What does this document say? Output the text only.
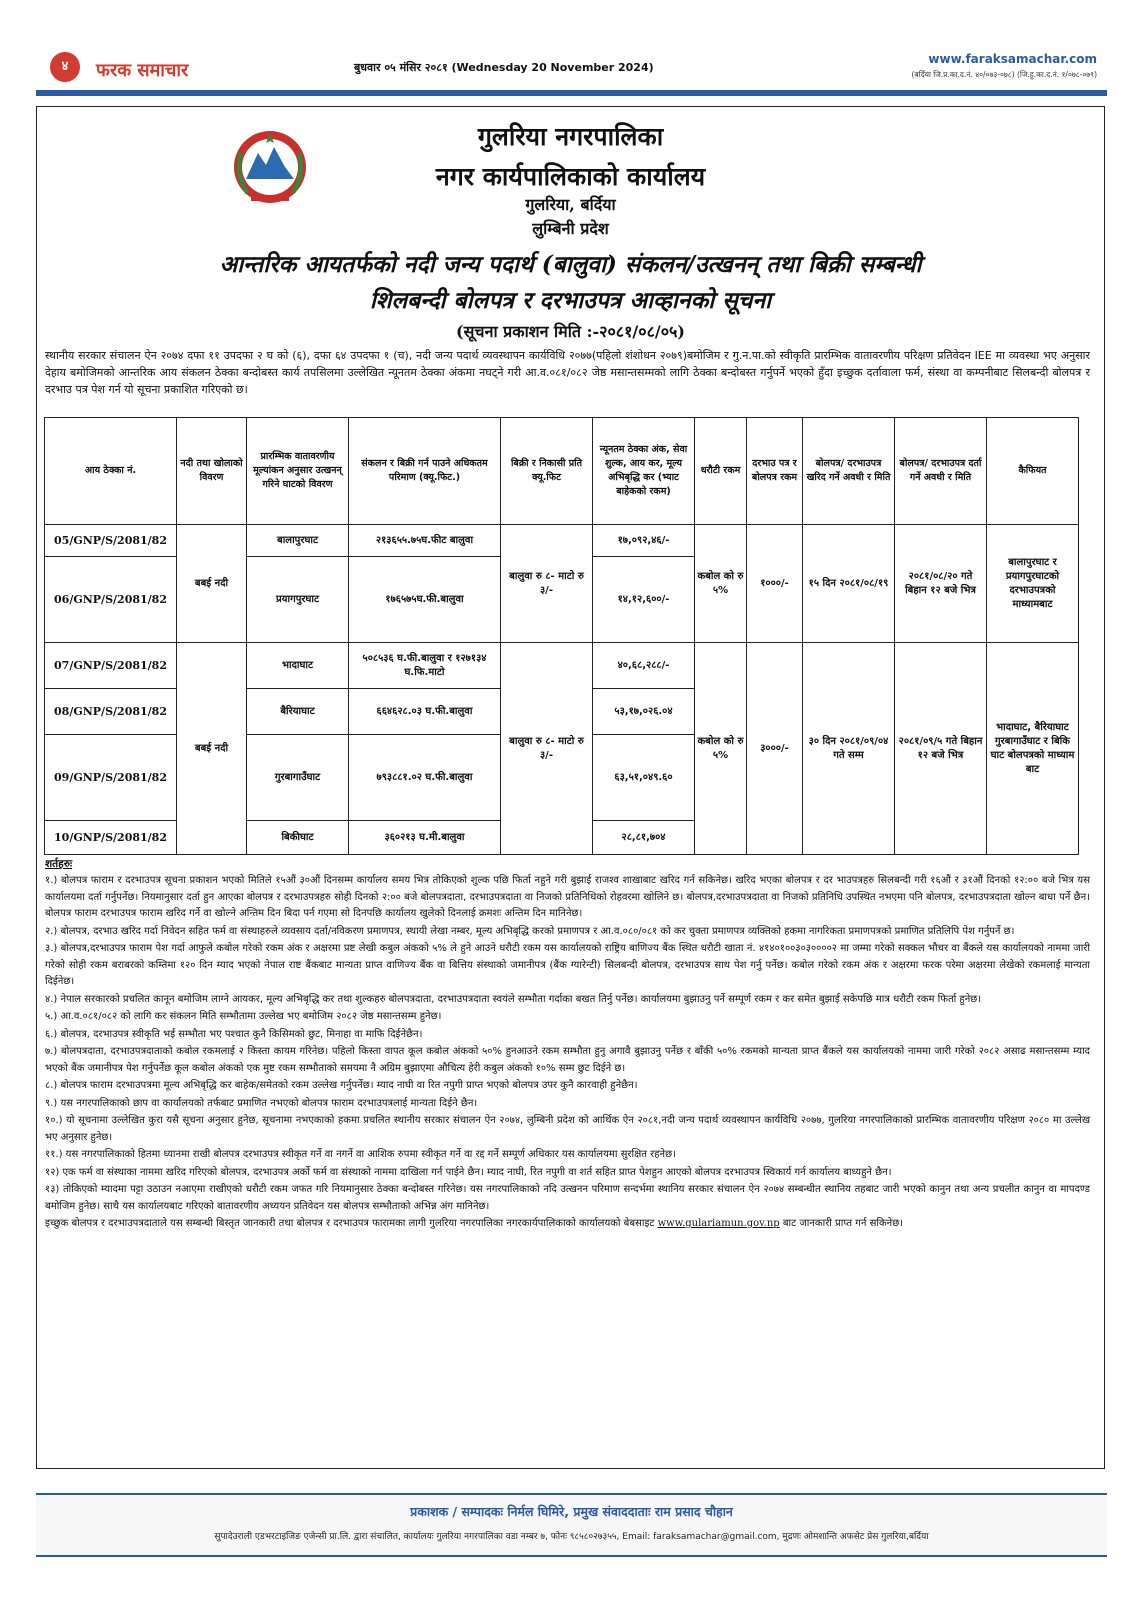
४	फरक समाचार	बुधवार ०५ मंसिर २०८१ (Wednesday 20 November 2024)
www.faraksamachar.com
(बर्दिया जि.प्र.का.द.नं. ४०/०७३-०७८) (जि.हु.का.द.नं. १/०७८-०७९)
गुलरिया नगरपालिका
नगर कार्यपालिकाको कार्यालय
गुलरिया, बर्दिया
लुम्बिनी प्रदेश
आन्तरिक आयतर्फको नदी जन्य पदार्थ (बालुवा) संकलन/उत्खनन् तथा बिक्री सम्बन्धी
शिलबन्दी बोलपत्र र दरभाउपत्र आव्हानको सूचना
(सूचना प्रकाशन मिति :-२०८१/०८/०५)
स्थानीय सरकार संचालन ऐन २०७४ दफा ११ उपदफा २ घ को (६), दफा ६४ उपदफा १ (च), नदी जन्य पदार्थ व्यवस्थापन कार्यविधि २०७७(पहिलो शंशोधन २०७९)बमोजिम र गु.न.पा.को स्वीकृति प्रारम्भिक वातावरणीय परिक्षण प्रतिवेदन IEE मा व्यवस्था भए अनुसार देहाय बमोजिमको आन्तरिक आय संकलन ठेक्का बन्दोबस्त कार्य तपसिलमा उल्लेखित न्यूनतम ठेक्का अंकमा नघट्ने गरी आ.व.०८१/०८२ जेष्ठ मसान्तसम्मको लागि ठेक्का बन्दोबस्त गर्नुपर्ने भएको हुँदा इच्छुक दर्तावाला फर्म, संस्था वा कम्पनीबाट सिलबन्दी बोलपत्र र दरभाउ पत्र पेश गर्न यो सूचना प्रकाशित गरिएको छ।
आय ठेक्का नं.	नदी तथा खोलाको विवरण	प्रारम्भिक वातावरणीय मूल्यांकन अनुसार उत्खनन् गरिने घाटको विवरण	संकलन र बिक्री गर्न पाउने अधिकतम परिमाण (क्यू.फिट.)	बिक्री र निकासी प्रति क्यू.फिट	न्यूनतम ठेक्का अंक, सेवा शुल्क, आय कर, मूल्य अभिबृद्धि कर (भ्याट बाहेकको रकम)	धरौटी रकम	दरभाउ पत्र र बोलपत्र रकम	बोलपत्र/ दरभाउपत्र खरिद गर्ने अवधी र मिति	बोलपत्र/ दरभाउपत्र दर्ता गर्ने अवधी र मिति	कैफियत
05/GNP/S/2081/82	बबई नदी	बालापुरघाट	२१३६५५.७५घ.फीट बालुवा	बालुवा रु ८- माटो रु ३/-	१७,०९२,४६/-	कबोल को रु ५%	१०००/-	१५ दिन २०८१/०८/१९	२०८१/०८/२० गते बिहान १२ बजे भित्र	बालापुरघाट र प्रयागपुरघाटको दरभाउपत्रको माध्यामबाट
06/GNP/S/2081/82		प्रयागपुरघाट	१७६५७५घ.फी.बालुवा		१४,१२,६००/-					
07/GNP/S/2081/82	बबई नदी	भादाघाट	५०८५३६ घ.फी.बालुवा र १२७१३४ घ.फि.माटो	बालुवा रु ८- माटो रु ३/-	४०,६८,२८८/-	कबोल को रु ५%	३०००/-	३० दिन २०८१/०९/०४ गते सम्म	२०८१/०९/५ गते बिहान १२ बजे भित्र	भादाघाट, बैरियाघाट गुरबागाउँघाट र बिकि घाट बोलपत्रको माध्याम बाट
08/GNP/S/2081/82		बैरियाघाट	६६४६२८.०३ घ.फी.बालुवा		५३,१७,०२६.०४					
09/GNP/S/2081/82		गुरबागाउँघाट	७९३८८१.०२ घ.फी.बालुवा		६३,५१,०४९.६०					
10/GNP/S/2081/82		बिकीघाट	३६०२१३ घ.मी.बालुवा		२८,८१,७०४					
शर्तहरुः

१.) बोलपत्र फाराम र दरभाउपत्र सूचना प्रकाशन भएको मितिले १५औं ३०औं दिनसम्म कार्यालय समय भित्र तोकिएको शुल्क पछि फिर्ता नहुने गरी बुझाई राजश्व शाखाबाट खरिद गर्न सकिनेछ। खरिद भएका बोलपत्र र दर भाउपत्रहरु सिलबन्दी गरी १६औं र ३१औं दिनको १२:०० बजे भित्र यस कार्यालयमा दर्ता गर्नुपर्नेछ। नियमानुसार दर्ता हुन आएका बोलपत्र र दरभाउपत्रहरु सोही दिनको २:०० बजे बोलपत्रदाता, दरभाउपत्रदाता वा निजको प्रतिनिधिको रोहवरमा खोलिने छ। बोलपत्र,दरभाउपत्रदाता वा निजको प्रतिनिधि उपस्थित नभएमा पनि बोलपत्र, दरभाउपत्रदाता खोल्न बाधा पर्ने छैन। बोलपत्र फाराम दरभाउपत्र फाराम खरिद गर्ने वा खोल्ने अन्तिम दिन बिदा पर्न गएमा सो दिनपछि कार्यालय खुलेको दिनलाई क्रमशः अन्तिम दिन मानिनेछ।

२.) बोलपत्र, दरभाउ खरिद गर्दा निवेदन सहित फर्म वा संस्थाहरुले व्यवसाय दर्ता/नविकरण प्रमाणपत्र, स्थायी लेखा नम्बर, मूल्य अभिबृद्धि करको प्रमाणपत्र र आ.व.०८०/०८१ को कर चुक्ता प्रमाणपत्र व्यक्तिको हकमा नागरिकता प्रमाणपत्रको प्रमाणित प्रतिलिपि पेश गर्नुपर्ने छ।

३.) बोलपत्र,दरभाउपत्र फाराम पेश गर्दा आफुले कबोल गरेको रकम अंक र अक्षरमा प्रष्ट लेखी कबुल अंकको ५% ले हुने आउने धरौटी रकम यस कार्यालयको राष्ट्रिय बाणिज्य बैंक स्थित धरौटी खाता नं. ४१४०१००३०३००००२ मा जम्मा गरेको सक्कल भौचर वा बैंकले यस कार्यालयको नाममा जारी गरेको सोही रकम बराबरको कम्तिमा १२० दिन म्याद भएको नेपाल राष्ट बैंकबाट मान्यता प्राप्त वाणिज्य बैंक वा बित्तिय संस्थाको जमानीपत्र (बैंक ग्यारेन्टी) सिलबन्दी बोलपत्र, दरभाउपत्र साथ पेश गर्नु पर्नेछ। कबोल गरेको रकम अंक र अक्षरमा फरक परेमा अक्षरमा लेखेको रकमलाई मान्यता दिईनेछ।

४.) नेपाल सरकारको प्रचलित कानून बमोजिम लाग्ने आयकर, मूल्य अभिबृद्धि कर तथा शुल्कहरु बोलपत्रदाता, दरभाउपत्रदाता स्वयंले सम्भौता गर्दाका बखत तिर्नु पर्नेछ। कार्यालयमा बुझाउनु पर्ने सम्पूर्ण रकम र कर समेत बुझाई सकेपछि मात्र धरौटी रकम फिर्ता हुनेछ।

५.) आ.व.०८१/०८२ को लागि कर संकलन मिति सम्भौतामा उल्लेख भए बमोजिम २०८२ जेष्ठ मसान्तसम्म हुनेछ।

६.) बोलपत्र, दरभाउपत्र स्वीकृति भई सम्भौता भए पश्चात कुनै किसिमको छुट, मिनाहा वा माफि दिईनेछैन।

७.) बोलपत्रदाता, दरभाउपत्रदाताको कबोल रकमलाई २ किस्ता कायम गरिनेछ। पहिलो किस्ता वापत कूल कबोल अंकको ५०% हुनआउने रकम सम्भौता हुनु अगावै बुझाउनु पर्नेछ र बाँकी ५०% रकमको मान्यता प्राप्त बैंकले यस कार्यालयको नाममा जारी गरेको २०८२ असाढ मसान्तसम्म म्याद भएको बैंक जमानीपत्र पेश गर्नुपर्नेछ कूल कबोल अंकको एक मुष्ट रकम सम्भौताको समयमा नै अग्रिम बुझाएमा औचित्य हेरी कबुल अंकको १०% सम्म छुट दिईने छ।

८.) बोलपत्र फाराम दरभाउपत्रमा मूल्य अभिबृद्धि कर बाहेक/समेतको रकम उल्लेख गर्नुपर्नेछ। म्याद नाघी वा रित नपुगी प्राप्त भएको बोलपत्र उपर कुनै कारवाही हुनेछैन।

९.) यस नगरपालिकाको छाप वा कार्यालयको तर्फबाट प्रमाणित नभएको बोलपत्र फाराम दरभाउपत्रलाई मान्यता दिईने छैन।

१०.) यो सूचनामा उल्लेखित कुरा यसै सूचना अनुसार हुनेछ, सूचनामा नभएकाको हकमा प्रचलित स्थानीय सरकार संचालन ऐन २०७४, लुम्बिनी प्रदेश को आर्थिक ऐन २०८१,नदी जन्य पदार्थ व्यवस्थापन कार्यविधि २०७७, गुलरिया नगरपालिकाको प्रारम्भिक वातावरणीय परिक्षण २०८० मा उल्लेख भए अनुसार हुनेछ।

११.) यस नगरपालिकाको हितमा ध्यानमा राखी बोलपत्र दरभाउपत्र स्वीकृत गर्ने वा नगर्ने वा आशिक रुपमा स्वीकृत गर्ने वा रद्द गर्ने सम्पूर्ण अधिकार यस कार्यालयमा सुरक्षित रहनेछ।

१२) एक फर्म वा संस्थाका नाममा खरिद गरिएको बोलपत्र, दरभाउपत्र अर्को फर्म वा संस्थाको नाममा दाखिला गर्न पाईने छैन। म्याद नाघी, रित नपुगी वा शर्त सहित प्राप्त पेशहुन आएको बोलपत्र दरभाउपत्र स्विकार्य गर्न कार्यालय बाध्यहुने छैन।

१३) तोकिएको म्यादमा पट्टा उठाउन नआएमा राखीएको धरौटी रकम जफत गरि नियमानुसार ठेक्का बन्दोबस्त गरिनेछ। यस नगरपालिकाको नदि उत्खनन परिमाण सन्दर्भमा स्थानिय सरकार संचालन ऐन २०७४ सम्बन्धीत स्थानिय तहबाट जारी भएको कानुन तथा अन्य प्रचलीत कानुन वा मापदण्ड बमोजिम हुनेछ। साथै यस कार्यालयबाट गरिएको बातावरणीय अध्ययन प्रतिवेदन यस बोलपत्र सम्भौताको अभिन्न अंग मानिनेछ।

इच्छुक बोलपत्र र दरभाउपत्रदाताले यस सम्बन्धी बिस्तृत जानकारी तथा बोलपत्र र दरभाउपत्र फारामका लागी गुलरिया नगरपालिका नगरकार्यपालिकाको कार्यालयको बेबसाइट www.gulariamun.gov.np बाट जानकारी प्राप्त गर्न सकिनेछ।

प्रकाशक / सम्पादकः निर्मल घिमिरे, प्रमुख संवाददाताः राम प्रसाद चौहान
सुपादेउराली एडभरटाइजिङ एजेन्सी प्रा.लि. द्वारा संचालित, कार्यालयः गुलरिया नगरपालिका वडा नम्बर ७, फोनः ९८५८०२७३५५, Email: faraksamachar@gmail.com, मुद्रणः ओमशान्ति अफसेट प्रेस गुलरिया,बर्दिया
